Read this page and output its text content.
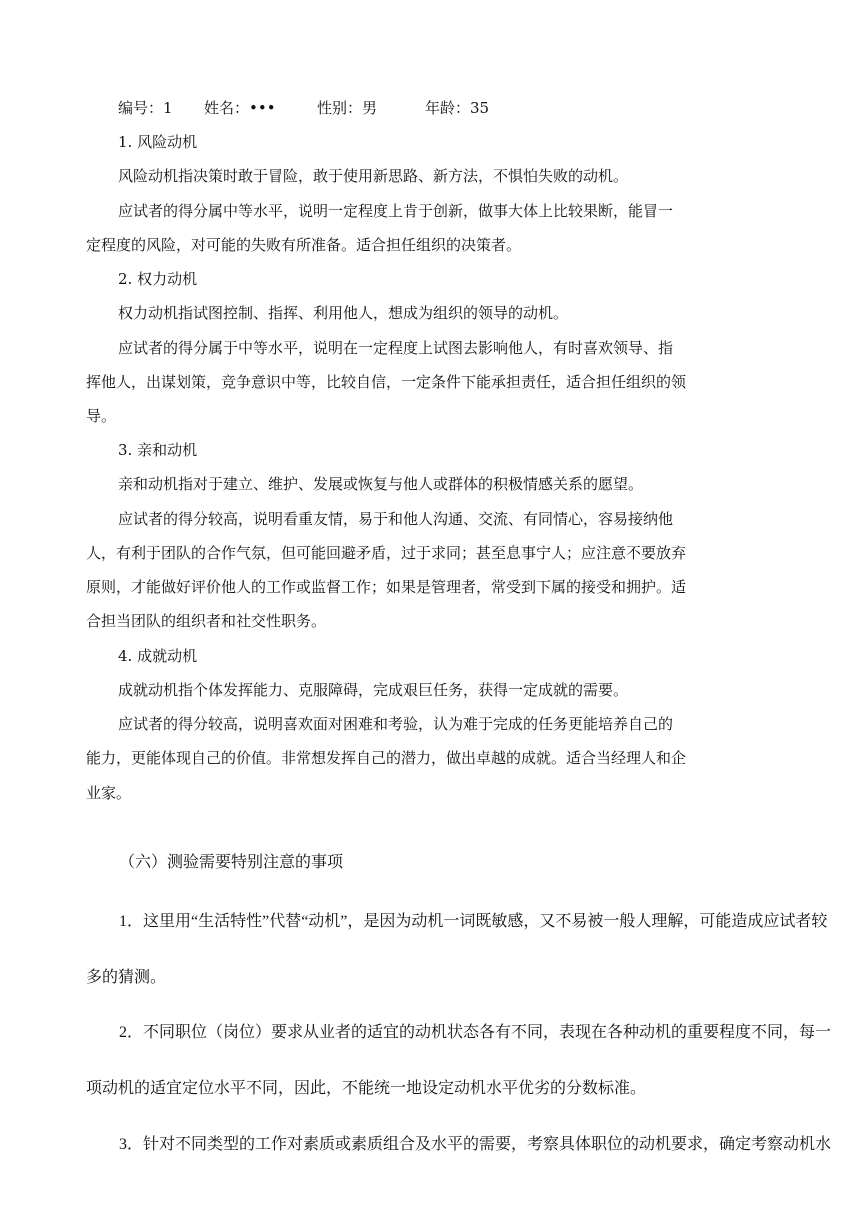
编号：1 姓名：•••	性别：男	年龄：35
1. 风险动机
风险动机指决策时敢于冒险，敢于使用新思路、新方法，不惧怕失败的动机。
应试者的得分属中等水平，说明一定程度上肯于创新，做事大体上比较果断，能冒一
定程度的风险，对可能的失败有所准备。适合担任组织的决策者。
2. 权力动机
权力动机指试图控制、指挥、利用他人，想成为组织的领导的动机。
应试者的得分属于中等水平，说明在一定程度上试图去影响他人，有时喜欢领导、指
挥他人，出谋划策，竞争意识中等，比较自信，一定条件下能承担责任，适合担任组织的领
导。
3. 亲和动机
亲和动机指对于建立、维护、发展或恢复与他人或群体的积极情感关系的愿望。
应试者的得分较高，说明看重友情，易于和他人沟通、交流、有同情心，容易接纳他
人，有利于团队的合作气氛，但可能回避矛盾，过于求同；甚至息事宁人；应注意不要放弃
原则，才能做好评价他人的工作或监督工作；如果是管理者，常受到下属的接受和拥护。适
合担当团队的组织者和社交性职务。
4. 成就动机
成就动机指个体发挥能力、克服障碍，完成艰巨任务，获得一定成就的需要。
应试者的得分较高，说明喜欢面对困难和考验，认为难于完成的任务更能培养自己的
能力，更能体现自己的价值。非常想发挥自己的潜力，做出卓越的成就。适合当经理人和企
业家。
（六）测验需要特别注意的事项
1．这里用“生活特性”代替“动机”，是因为动机一词既敏感，又不易被一般人理解，可能造成应试者较
多的猜测。
2．不同职位（岗位）要求从业者的适宜的动机状态各有不同，表现在各种动机的重要程度不同，每一
项动机的适宜定位水平不同，因此，不能统一地设定动机水平优劣的分数标准。
3．针对不同类型的工作对素质或素质组合及水平的需要，考察具体职位的动机要求，确定考察动机水
